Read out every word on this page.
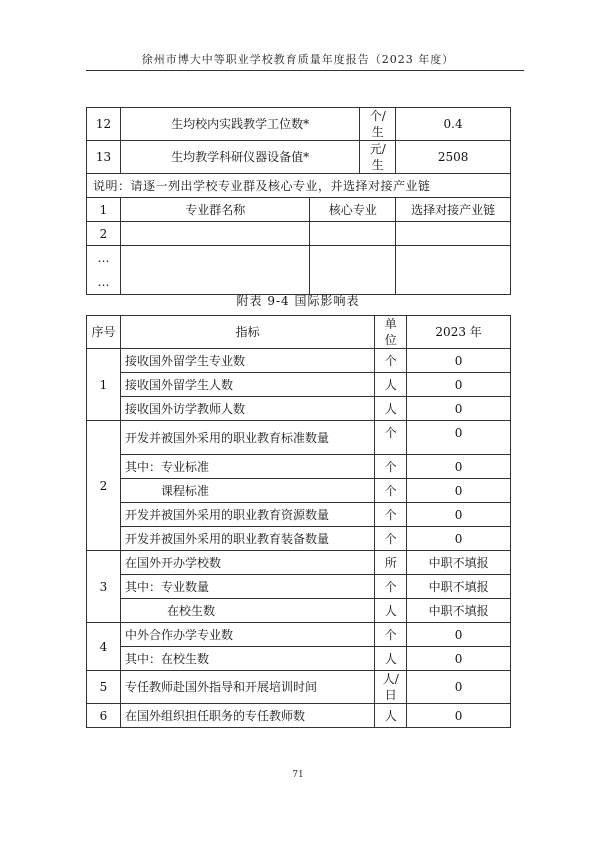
徐州市博大中等职业学校教育质量年度报告（2023 年度）
12	生均校内实践教学工位数*		个/生	0.4
13	生均教学科研仪器设备值*		元/生	2508
说明：请逐一列出学校专业群及核心专业，并选择对接产业链				
1	专业群名称	核心专业		选择对接产业链
2				

…
…				

附表 9-4 国际影响表
序号	指标	单位	2023 年
1	接收国外留学生专业数	个	0
	接收国外留学生人数	人	0
	接收国外访学教师人数	人	0
2	开发并被国外采用的职业教育标准数量	个	0
	其中：专业标准	个	0
	课程标准	个	0
	开发并被国外采用的职业教育资源数量	个	0
	开发并被国外采用的职业教育装备数量	个	0
3	在国外开办学校数	所	中职不填报
	其中：专业数量	个	中职不填报
	在校生数	人	中职不填报
4	中外合作办学专业数	个	0
	其中：在校生数	人	0
5	专任教师赴国外指导和开展培训时间	人/日	0
6	在国外组织担任职务的专任教师数	人	0
71
